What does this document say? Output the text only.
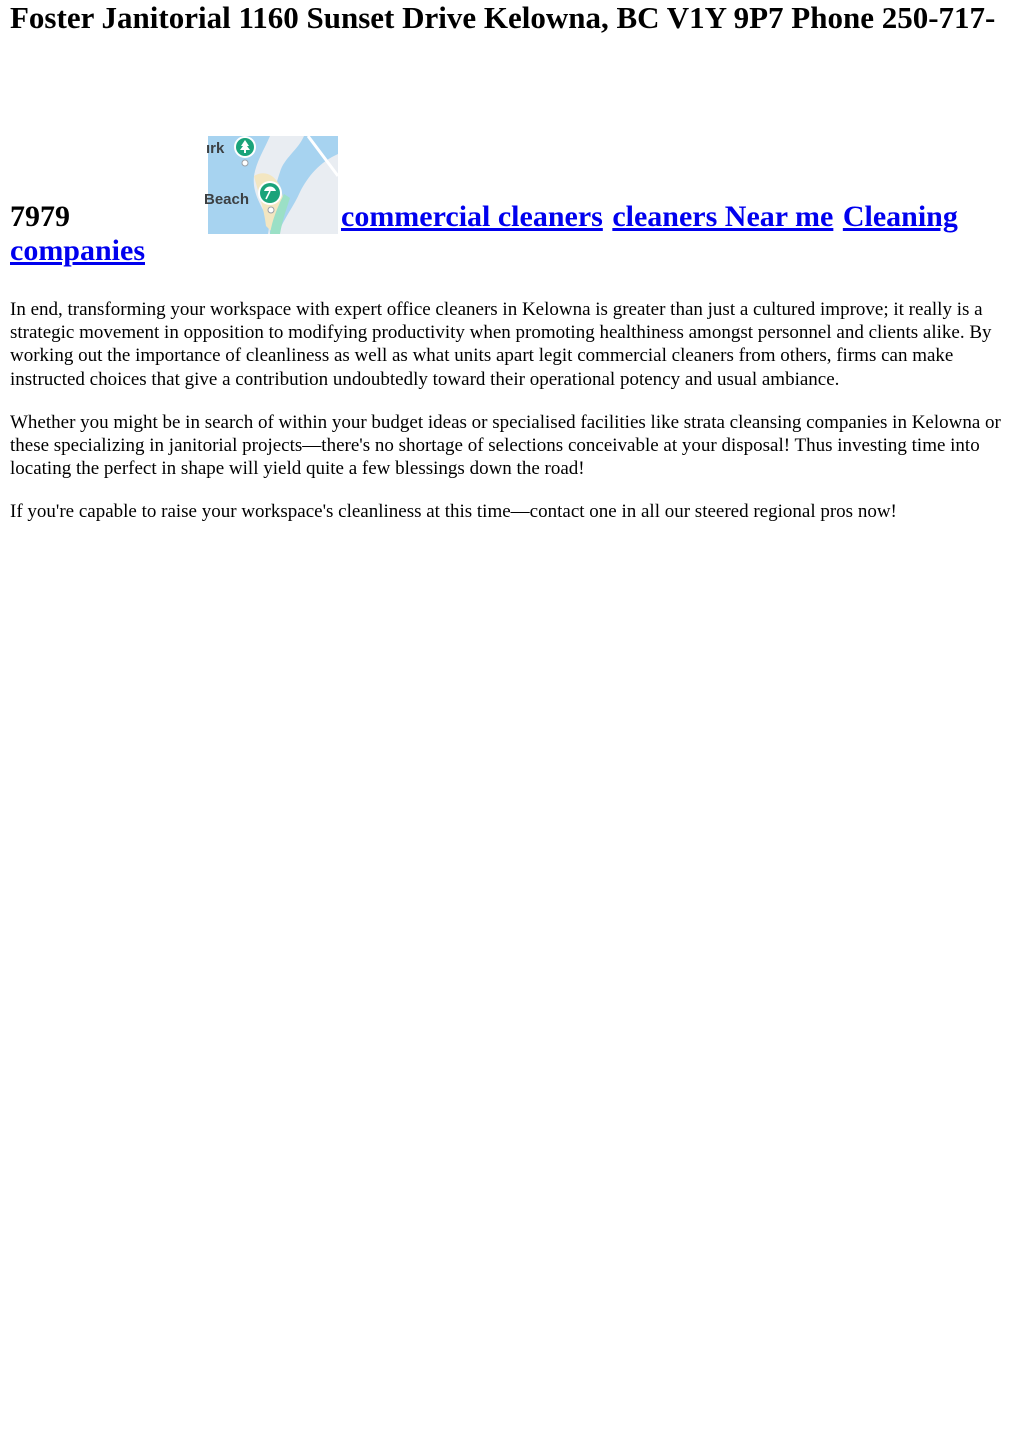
Foster Janitorial 1160 Sunset Drive Kelowna, BC V1Y 9P7 Phone 250-717-
7979
ırk
Beach
commercial cleaners cleaners Near me Cleaning companies

In end, transforming your workspace with expert office cleaners in Kelowna is greater than just a cultured improve; it really is a strategic movement in opposition to modifying productivity when promoting healthiness amongst personnel and clients alike. By working out the importance of cleanliness as well as what units apart legit commercial cleaners from others, firms can make instructed choices that give a contribution undoubtedly toward their operational potency and usual ambiance.

Whether you might be in search of within your budget ideas or specialised facilities like strata cleansing companies in Kelowna or these specializing in janitorial projects—there's no shortage of selections conceivable at your disposal! Thus investing time into locating the perfect in shape will yield quite a few blessings down the road!

If you're capable to raise your workspace's cleanliness at this time—contact one in all our steered regional pros now!
